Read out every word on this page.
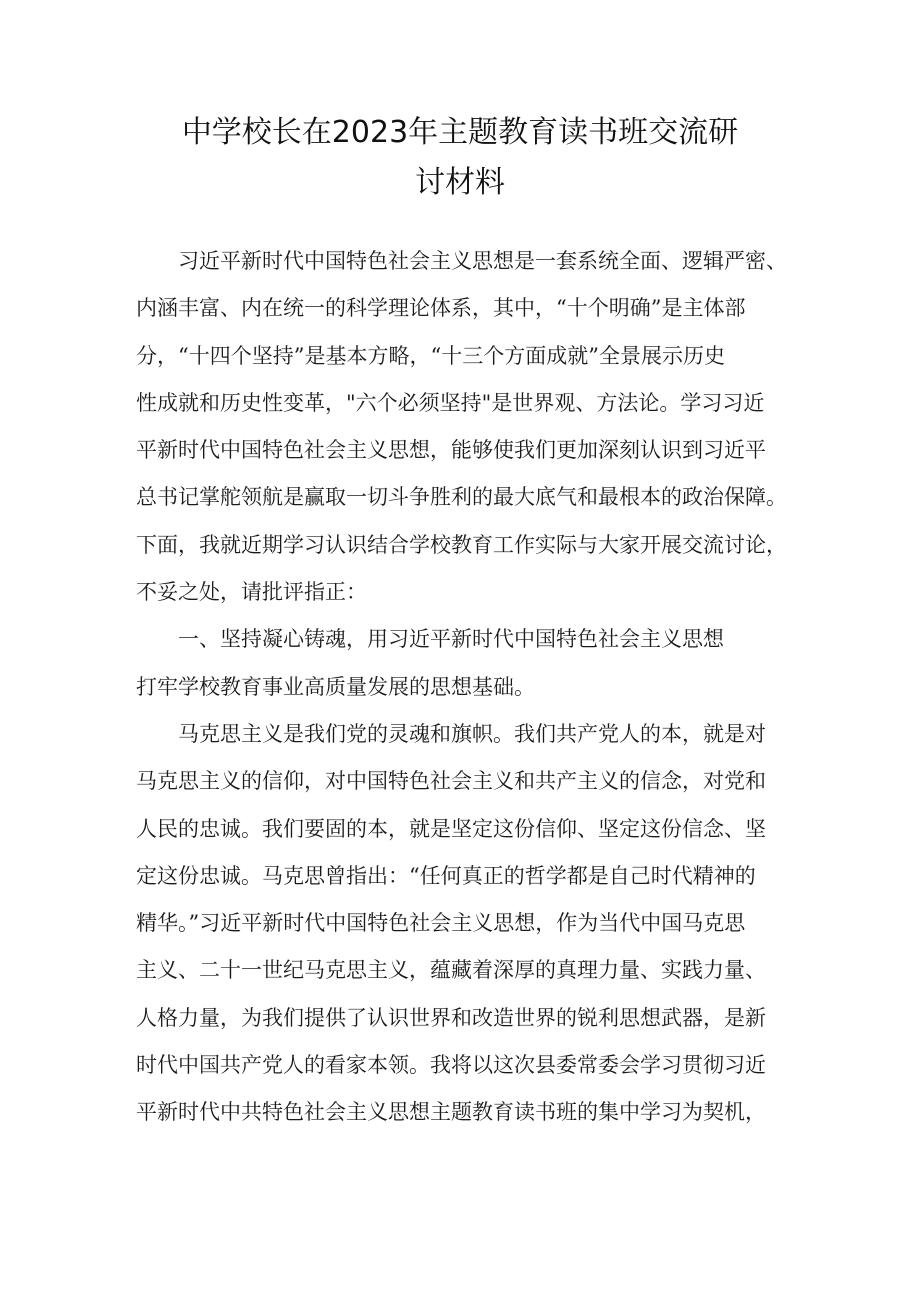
中学校长在2023年主题教育读书班交流研
讨材料
习近平新时代中国特色社会主义思想是一套系统全面、逻辑严密、
内涵丰富、内在统一的科学理论体系，其中，“十个明确”是主体部
分，“十四个坚持”是基本方略，“十三个方面成就”全景展示历史
性成就和历史性变革，"六个必须坚持"是世界观、方法论。学习习近
平新时代中国特色社会主义思想，能够使我们更加深刻认识到习近平
总书记掌舵领航是赢取一切斗争胜利的最大底气和最根本的政治保障。
下面，我就近期学习认识结合学校教育工作实际与大家开展交流讨论，
不妥之处，请批评指正：
一、坚持凝心铸魂，用习近平新时代中国特色社会主义思想
打牢学校教育事业高质量发展的思想基础。
马克思主义是我们党的灵魂和旗帜。我们共产党人的本，就是对
马克思主义的信仰，对中国特色社会主义和共产主义的信念，对党和
人民的忠诚。我们要固的本，就是坚定这份信仰、坚定这份信念、坚
定这份忠诚。马克思曾指出：“任何真正的哲学都是自己时代精神的
精华。”习近平新时代中国特色社会主义思想，作为当代中国马克思
主义、二十一世纪马克思主义，蕴藏着深厚的真理力量、实践力量、
人格力量，为我们提供了认识世界和改造世界的锐利思想武器，是新
时代中国共产党人的看家本领。我将以这次县委常委会学习贯彻习近
平新时代中共特色社会主义思想主题教育读书班的集中学习为契机，
